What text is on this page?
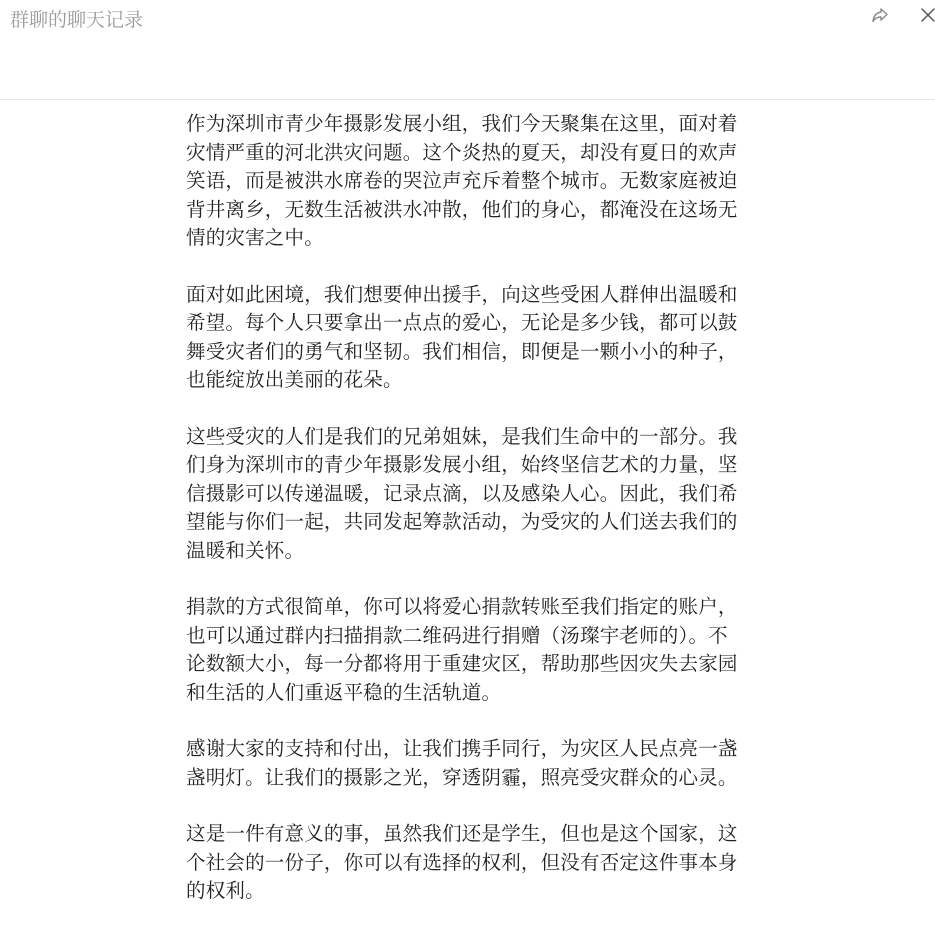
群聊的聊天记录

作为深圳市青少年摄影发展小组，我们今天聚集在这里，面对着
灾情严重的河北洪灾问题。这个炎热的夏天，却没有夏日的欢声
笑语，而是被洪水席卷的哭泣声充斥着整个城市。无数家庭被迫
背井离乡，无数生活被洪水冲散，他们的身心，都淹没在这场无
情的灾害之中。

面对如此困境，我们想要伸出援手，向这些受困人群伸出温暖和
希望。每个人只要拿出一点点的爱心，无论是多少钱，都可以鼓
舞受灾者们的勇气和坚韧。我们相信，即便是一颗小小的种子，
也能绽放出美丽的花朵。

这些受灾的人们是我们的兄弟姐妹，是我们生命中的一部分。我
们身为深圳市的青少年摄影发展小组，始终坚信艺术的力量，坚
信摄影可以传递温暖，记录点滴，以及感染人心。因此，我们希
望能与你们一起，共同发起筹款活动，为受灾的人们送去我们的
温暖和关怀。

捐款的方式很简单，你可以将爱心捐款转账至我们指定的账户，
也可以通过群内扫描捐款二维码进行捐赠（汤璨宇老师的）。不
论数额大小，每一分都将用于重建灾区，帮助那些因灾失去家园
和生活的人们重返平稳的生活轨道。

感谢大家的支持和付出，让我们携手同行，为灾区人民点亮一盏
盏明灯。让我们的摄影之光，穿透阴霾，照亮受灾群众的心灵。

这是一件有意义的事，虽然我们还是学生，但也是这个国家，这
个社会的一份子，你可以有选择的权利，但没有否定这件事本身
的权利。
